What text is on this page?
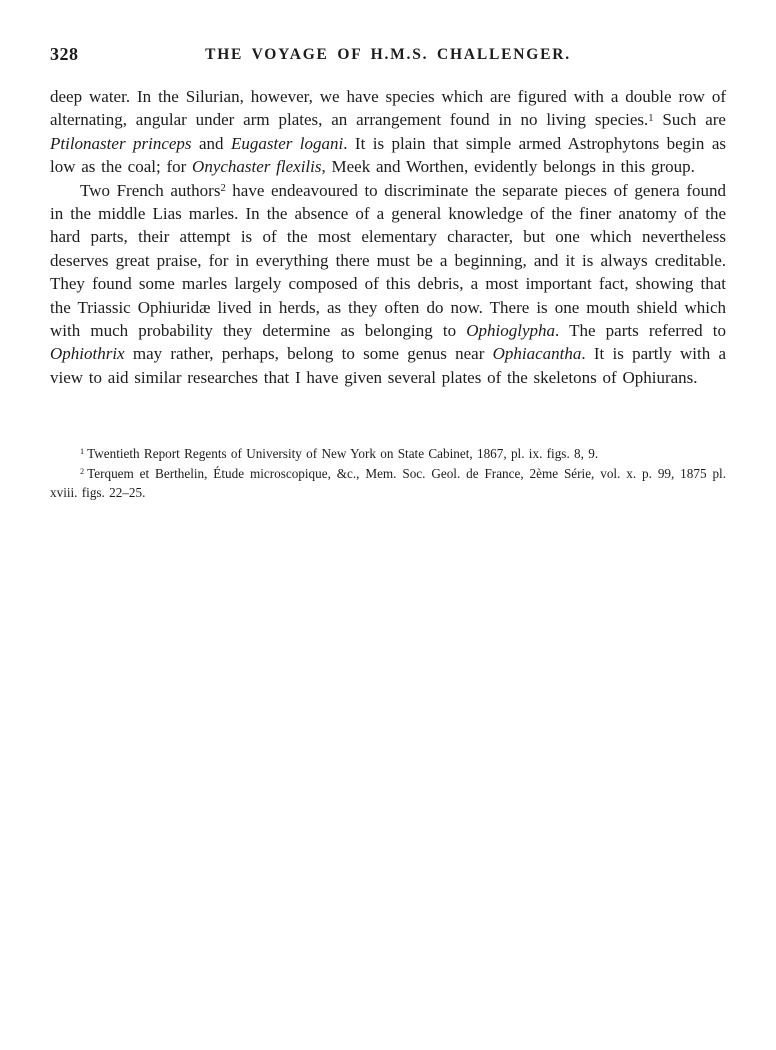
328	THE VOYAGE OF H.M.S. CHALLENGER.

deep water. In the Silurian, however, we have species which are figured with a double row of alternating, angular under arm plates, an arrangement found in no living species.$^1$ Such are Ptilonaster princeps and Eugaster logani. It is plain that simple armed Astrophytons begin as low as the coal; for Onychaster flexilis, Meek and Worthen, evidently belongs in this group.

Two French authors$^2$ have endeavoured to discriminate the separate pieces of genera found in the middle Lias marles. In the absence of a general knowledge of the finer anatomy of the hard parts, their attempt is of the most elementary character, but one which nevertheless deserves great praise, for in everything there must be a beginning, and it is always creditable. They found some marles largely composed of this debris, a most important fact, showing that the Triassic Ophiuridæ lived in herds, as they often do now. There is one mouth shield which with much probability they determine as belonging to Ophioglypha. The parts referred to Ophiothrix may rather, perhaps, belong to some genus near Ophiacantha. It is partly with a view to aid similar researches that I have given several plates of the skeletons of Ophiurans.

$^1$ Twentieth Report Regents of University of New York on State Cabinet, 1867, pl. ix. figs. 8, 9.

$^2$ Terquem et Berthelin, Étude microscopique, &c., Mem. Soc. Geol. de France, 2ème Série, vol. x. p. 99, 1875 pl. xviii. figs. 22–25.
